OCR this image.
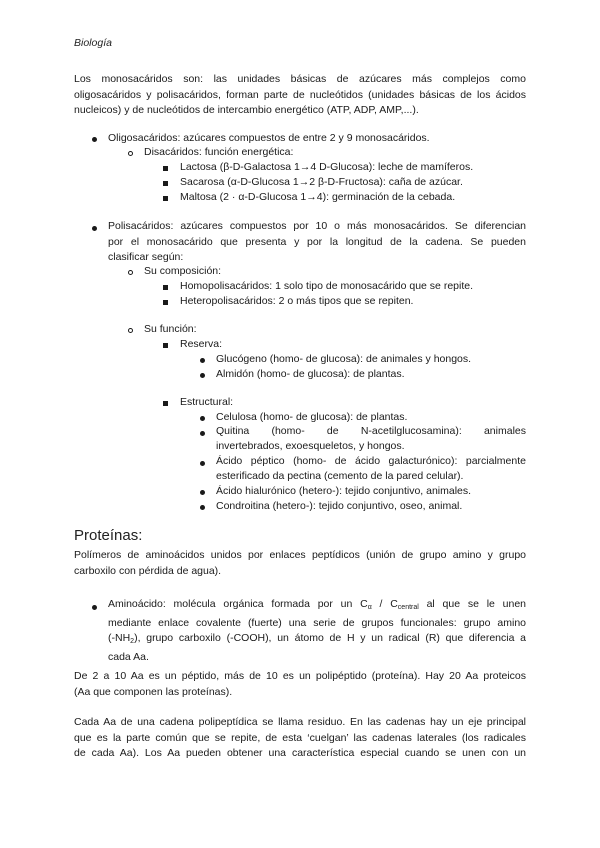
Biología
Los monosacáridos son: las unidades básicas de azúcares más complejos como
oligosacáridos y polisacáridos, forman parte de nucleótidos (unidades básicas de los ácidos
nucleicos) y de nucleótidos de intercambio energético (ATP, ADP, AMP,...).
Oligosacáridos: azúcares compuestos de entre 2 y 9 monosacáridos.
Disacáridos: función energética:
Lactosa (β-D-Galactosa 1→4 D-Glucosa): leche de mamíferos.
Sacarosa (α-D-Glucosa 1→2 β-D-Fructosa): caña de azúcar.
Maltosa (2 · α-D-Glucosa 1→4): germinación de la cebada.
Polisacáridos: azúcares compuestos por 10 o más monosacáridos. Se diferencian
por el monosacárido que presenta y por la longitud de la cadena. Se pueden
clasificar según:
Su composición:
Homopolisacáridos: 1 solo tipo de monosacárido que se repite.
Heteropolisacáridos: 2 o más tipos que se repiten.
Su función:
Reserva:
Glucógeno (homo- de glucosa): de animales y hongos.
Almidón (homo- de glucosa): de plantas.
Estructural:
Celulosa (homo- de glucosa): de plantas.
Quitina (homo- de N-acetilglucosamina): animales
invertebrados, exoesqueletos, y hongos.
Ácido péptico (homo- de ácido galacturónico): parcialmente
esterificado da pectina (cemento de la pared celular).
Ácido hialurónico (hetero-): tejido conjuntivo, animales.
Condroitina (hetero-): tejido conjuntivo, oseo, animal.
Proteínas:
Polímeros de aminoácidos unidos por enlaces peptídicos (unión de grupo amino y grupo
carboxilo con pérdida de agua).
Aminoácido: molécula orgánica formada por un $C_\alpha / C_{central}$ al que se le unen
mediante enlace covalente (fuerte) una serie de grupos funcionales: grupo amino
$(-NH_2)$, grupo carboxilo (-COOH), un átomo de H y un radical (R) que diferencia a
cada Aa.
De 2 a 10 Aa es un péptido, más de 10 es un polipéptido (proteína). Hay 20 Aa proteicos
(Aa que componen las proteínas).
Cada Aa de una cadena polipeptídica se llama residuo. En las cadenas hay un eje principal
que es la parte común que se repite, de esta ‘cuelgan’ las cadenas laterales (los radicales
de cada Aa). Los Aa pueden obtener una característica especial cuando se unen con un
